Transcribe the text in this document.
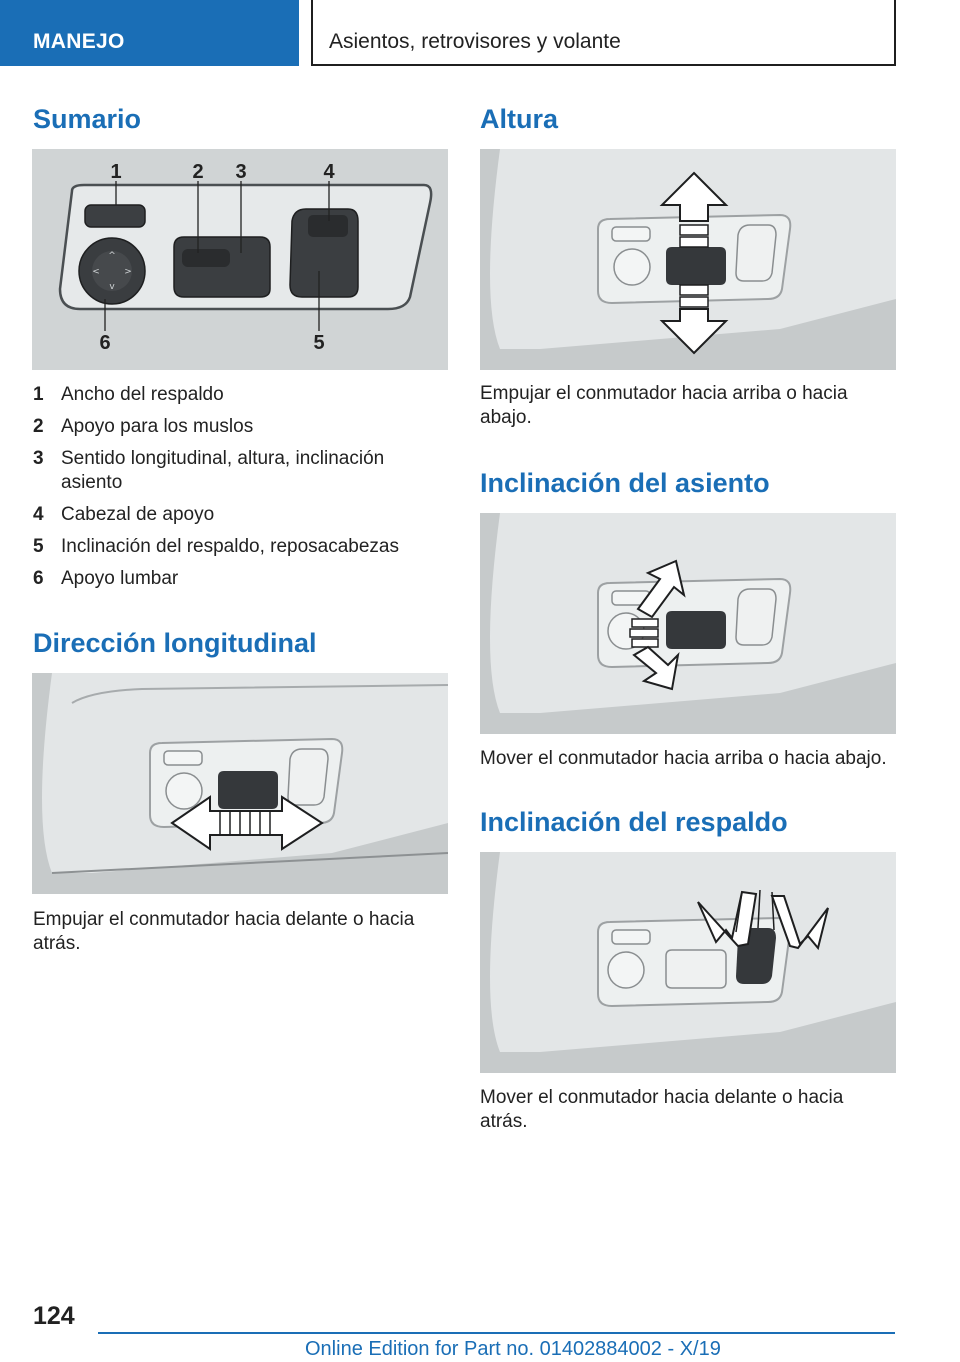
MANEJO	Asientos, retrovisores y volante
Sumario
^
<	>
v
1	2 3	4
5
6
1 Ancho del respaldo
2 Apoyo para los muslos
3 Sentido longitudinal, altura, inclinación asiento
4 Cabezal de apoyo
5 Inclinación del respaldo, reposacabezas
6 Apoyo lumbar
Dirección longitudinal
Empujar el conmutador hacia delante o hacia atrás.
Altura
Empujar el conmutador hacia arriba o hacia abajo.
Inclinación del asiento
Mover el conmutador hacia arriba o hacia abajo.
Inclinación del respaldo
Mover el conmutador hacia delante o hacia atrás.
124
Online Edition for Part no. 01402884002 - X/19
